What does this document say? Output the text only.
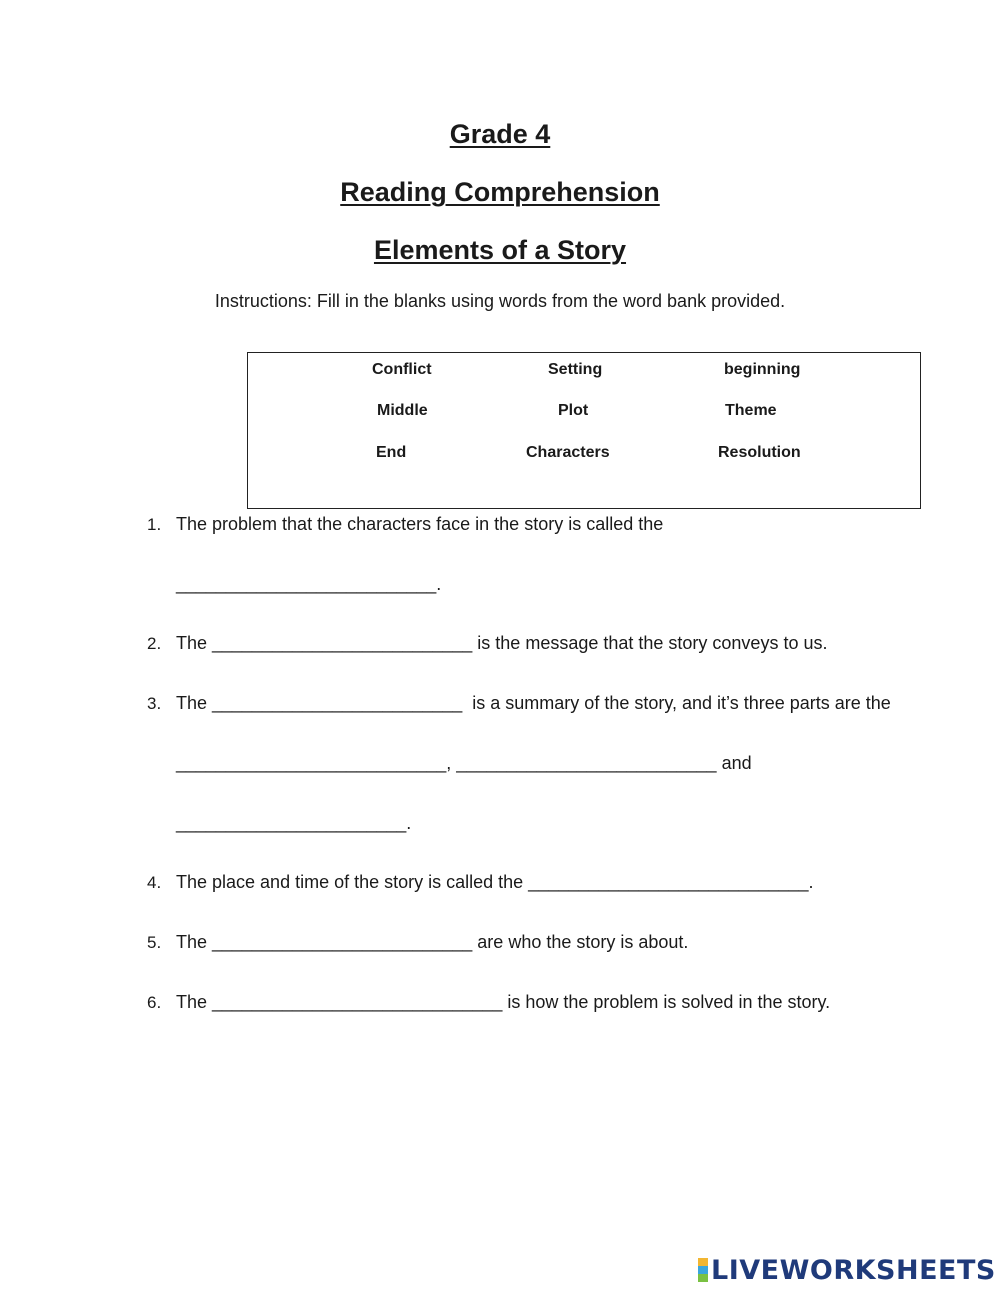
Grade 4
Reading Comprehension
Elements of a Story

Instructions: Fill in the blanks using words from the word bank provided.

Conflict	Setting	beginning
Middle	Plot	Theme
End	Characters	Resolution
1. The problem that the characters face in the story is called the

__________________________.

2. The __________________________ is the message that the story conveys to us.

3. The _________________________  is a summary of the story, and it’s three parts are the

___________________________, __________________________ and

_______________________.

4. The place and time of the story is called the ____________________________.

5. The __________________________ are who the story is about.

6. The _____________________________ is how the problem is solved in the story.

LIVEWORKSHEETS
